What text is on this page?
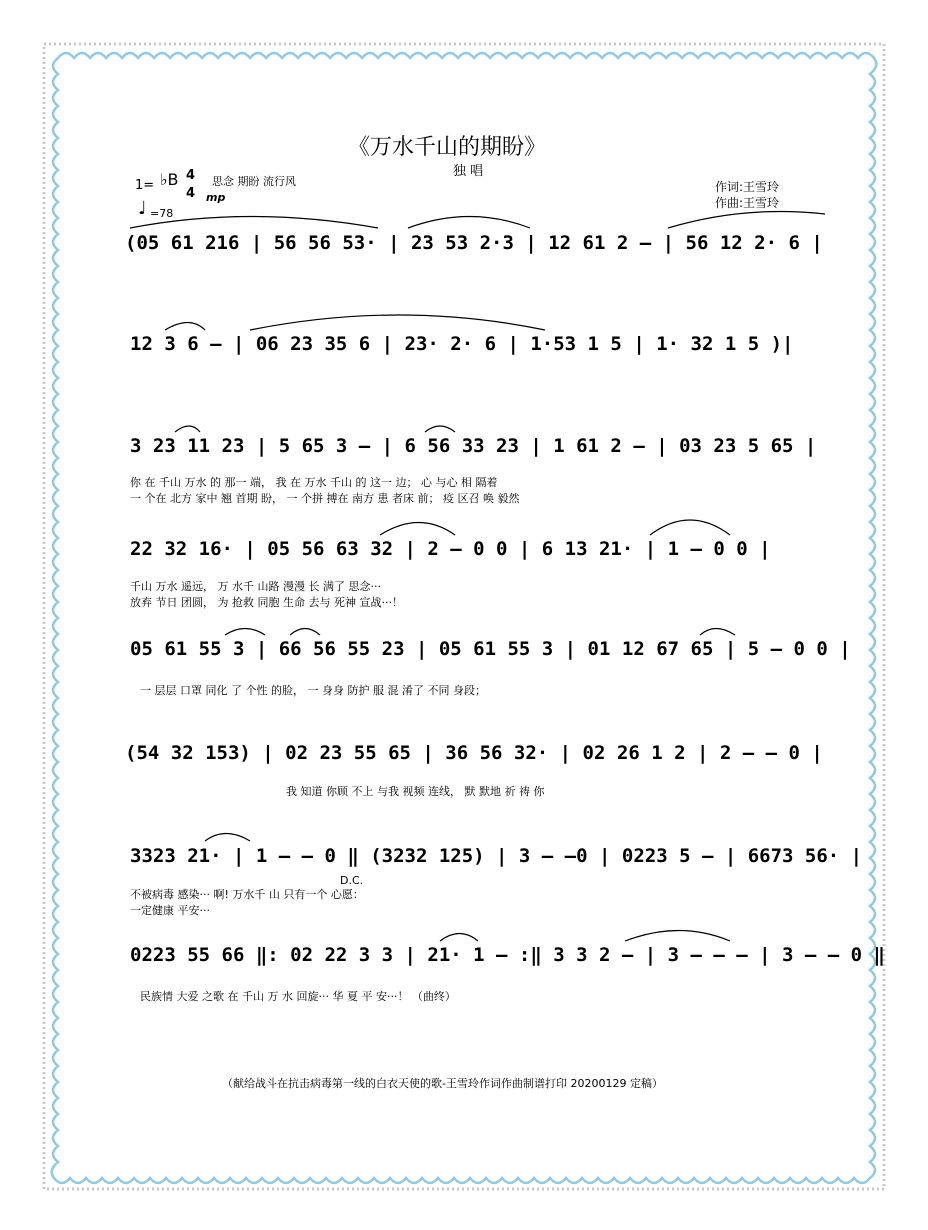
《万水千山的期盼》
独 唱
1= ♭B 4
4
思念 期盼 流行风
mp
♩ =78
作词:王雪玲
作曲:王雪玲
(05 61 216 | 56 56 53· | 23 53 2·3 | 12 61 2 – | 56 12 2· 6 |
12 3 6 – | 06 23 35 6 | 23· 2· 6 | 1·53 1 5 | 1· 32 1 5 )|
3 23 11 23 | 5 65 3 – | 6 56 33 23 | 1 61 2 – | 03 23 5 65 |
你 在 千山 万水 的 那一 端， 我 在 万水 千山 的 这一 边； 心 与心 相 隔着
一 个在 北方 家中 翘 首期 盼， 一 个拼 搏在 南方 患 者床 前； 疫 区召 唤 毅然
22 32 16· | 05 56 63 32 | 2 – 0 0 | 6 13 21· | 1 – 0 0 |
千山 万水 遥远， 万 水千 山路 漫漫 长 满了 思念···
放弃 节日 团圆， 为 抢救 同胞 生命 去与 死神 宣战···！
05 61 55 3 | 66 56 55 23 | 05 61 55 3 | 01 12 67 65 | 5 – 0 0 |
一 层层 口罩 同化 了 个性 的脸， 一 身身 防护 服 混 淆了 不同 身段；
(54 32 153) | 02 23 55 65 | 36 56 32· | 02 26 1 2 | 2 – – 0 |
我 知道 你顾 不上 与我 视频 连线， 默 默地 祈 祷 你
3323 21· | 1 – – 0 ‖ (3232 125) | 3 – –0 | 0223 5 – | 6673 56· |
D.C.
不被病毒 感染··· 啊! 万水千 山 只有一个 心愿：
一定健康 平安···
0223 55 66 ‖: 02 22 3 3 | 21· 1 – :‖ 3 3 2 – | 3 – – – | 3 – – 0 ‖
民族情 大爱 之歌 在 千山 万 水 回旋··· 华 夏 平 安···！ （曲终）
（献给战斗在抗击病毒第一线的白衣天使的歌-王雪玲作词作曲制谱打印 20200129 定稿）
